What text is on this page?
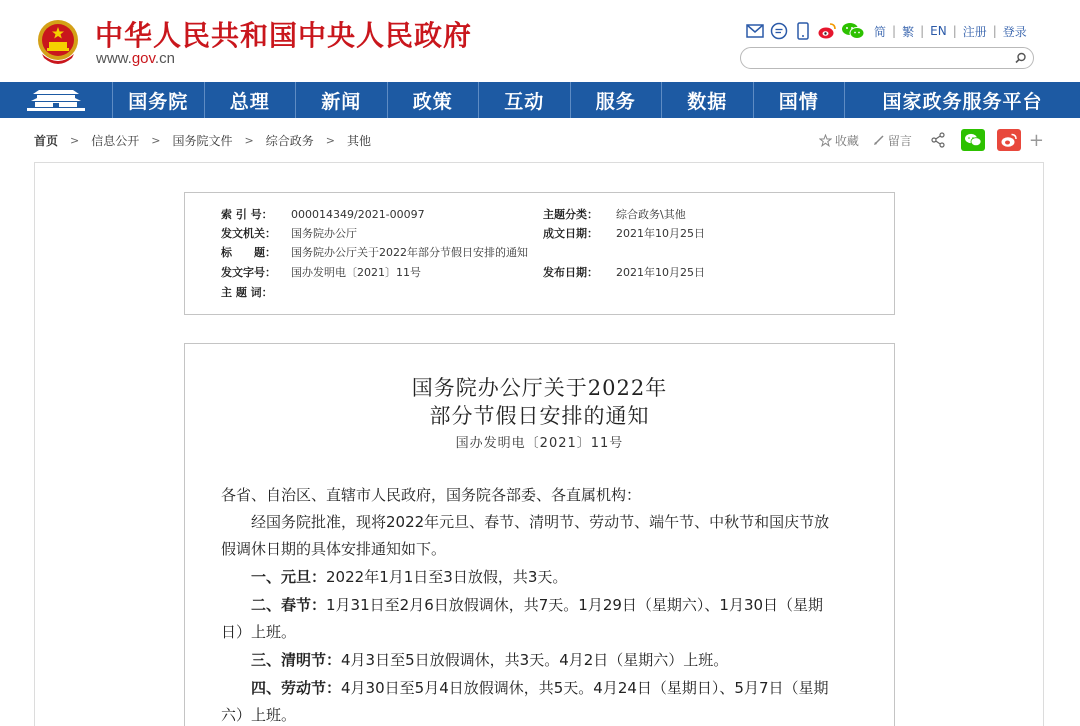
中华人民共和国中央人民政府
www.gov.cn
简 | 繁 | EN | 注册 | 登录
国务院	总理	新闻	政策	互动	服务	数据	国情	国家政务服务平台
首页 > 信息公开 > 国务院文件 > 综合政务 > 其他	收藏 留言	+
索 引 号： 000014349/2021-00097	主题分类： 综合政务\其他
发文机关： 国务院办公厅	成文日期： 2021年10月25日
标　　题： 国务院办公厅关于2022年部分节假日安排的通知
发文字号： 国办发明电〔2021〕11号	发布日期： 2021年10月25日
主 题 词：
国务院办公厅关于2022年
部分节假日安排的通知
国办发明电〔2021〕11号
各省、自治区、直辖市人民政府，国务院各部委、各直属机构：
经国务院批准，现将2022年元旦、春节、清明节、劳动节、端午节、中秋节和国庆节放
假调休日期的具体安排通知如下。
一、元旦：2022年1月1日至3日放假，共3天。
二、春节：1月31日至2月6日放假调休，共7天。1月29日（星期六）、1月30日（星期
日）上班。
三、清明节：4月3日至5日放假调休，共3天。4月2日（星期六）上班。
四、劳动节：4月30日至5月4日放假调休，共5天。4月24日（星期日）、5月7日（星期
六）上班。
